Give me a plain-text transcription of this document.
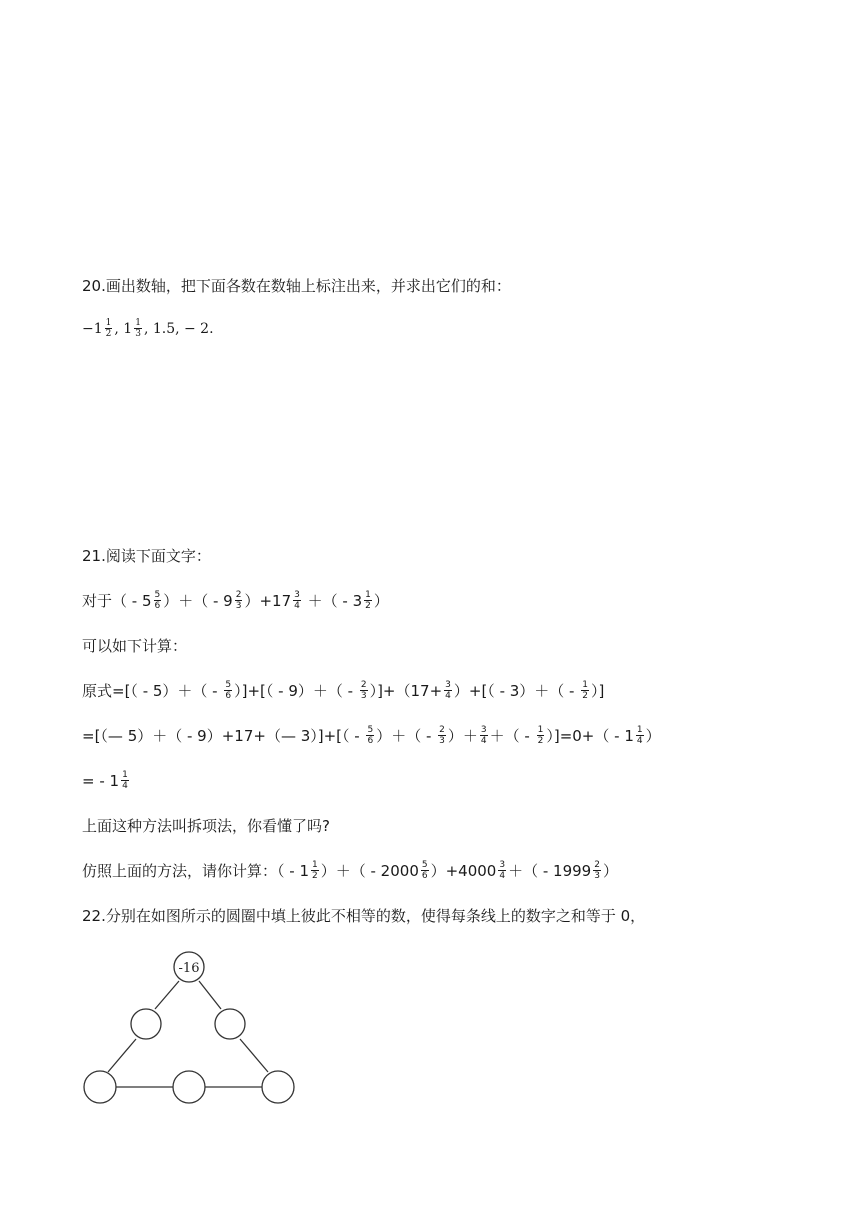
20.画出数轴，把下面各数在数轴上标注出来，并求出它们的和：
$-1 \frac{1}{2}$ , $1 \frac{1}{3}$ , 1.5, − 2.
21.阅读下面文字：
对于（ - $5 \frac{5}{6}$ ）＋（ - $9 \frac{2}{3} )+17 \frac{3}{4}$ ＋（ - $3 \frac{1}{2}$ ）
可以如下计算：
原式=[（ - $5)+( - \frac{5}{6}$ ）]+[（ - $9)+( - \frac{2}{3} )]+(17+ \frac{3}{4}$ ）+[（ - $3)+( - \frac{1}{2}$ ）]
=[（— 5）＋（ - 9）+17+（— $3)]+[( - \frac{5}{6}$ ）＋（ - $\frac{2}{3}$ ）＋ $\frac{3}{4}$ ＋（ - $\frac{1}{2} )]=0+( - 1 \frac{1}{4}$ ）
= - $1 \frac{1}{4}$
上面这种方法叫拆项法，你看懂了吗?
仿照上面的方法，请你计算：（ - $1 \frac{1}{2}$ ）＋（ - $2000 \frac{5}{6} )+4000 \frac{3}{4}$ ＋（ - $1999 \frac{2}{3}$ ）
22.分别在如图所示的圆圈中填上彼此不相等的数，使得每条线上的数字之和等于 0，
-16
